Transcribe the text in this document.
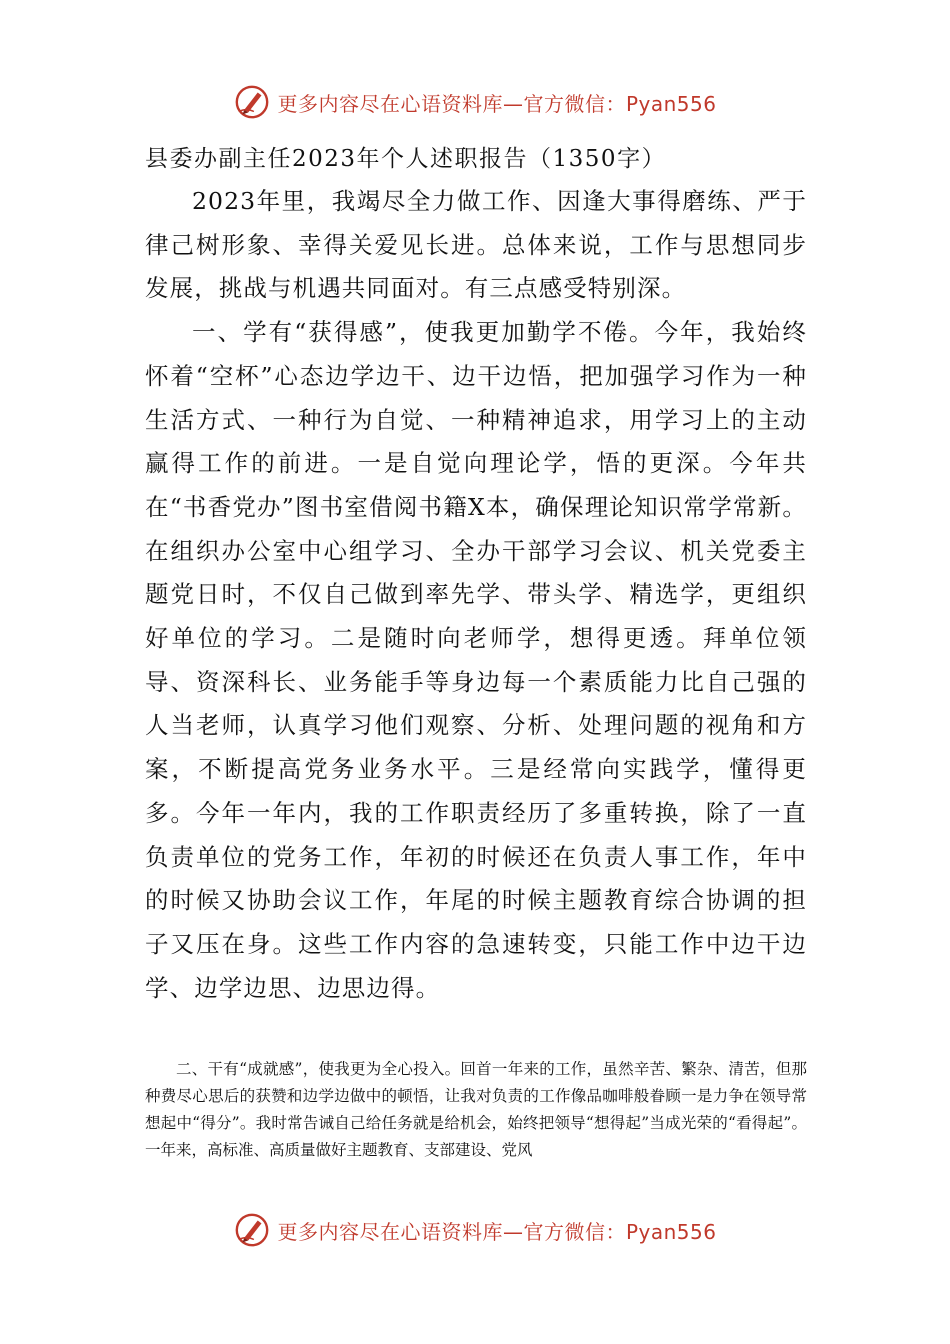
更多内容尽在心语资料库—官方微信：Pyan556
县委办副主任2023年个人述职报告（1350字）

2023年里，我竭尽全力做工作、因逢大事得磨练、严于律己树形象、幸得关爱见长进。总体来说，工作与思想同步发展，挑战与机遇共同面对。有三点感受特别深。

一、学有“获得感”，使我更加勤学不倦。今年，我始终怀着“空杯”心态边学边干、边干边悟，把加强学习作为一种生活方式、一种行为自觉、一种精神追求，用学习上的主动赢得工作的前进。一是自觉向理论学，悟的更深。今年共在“书香党办”图书室借阅书籍X本，确保理论知识常学常新。在组织办公室中心组学习、全办干部学习会议、机关党委主题党日时，不仅自己做到率先学、带头学、精选学，更组织好单位的学习。二是随时向老师学，想得更透。拜单位领导、资深科长、业务能手等身边每一个素质能力比自己强的人当老师，认真学习他们观察、分析、处理问题的视角和方案，不断提高党务业务水平。三是经常向实践学，懂得更多。今年一年内，我的工作职责经历了多重转换，除了一直负责单位的党务工作，年初的时候还在负责人事工作，年中的时候又协助会议工作，年尾的时候主题教育综合协调的担子又压在身。这些工作内容的急速转变，只能工作中边干边学、边学边思、边思边得。

二、干有“成就感”，使我更为全心投入。回首一年来的工作，虽然辛苦、繁杂、清苦，但那种费尽心思后的获赞和边学边做中的顿悟，让我对负责的工作像品咖啡般眷顾一是力争在领导常想起中“得分”。我时常告诫自己给任务就是给机会，始终把领导“想得起”当成光荣的“看得起”。一年来，高标准、高质量做好主题教育、支部建设、党风

更多内容尽在心语资料库—官方微信：Pyan556
